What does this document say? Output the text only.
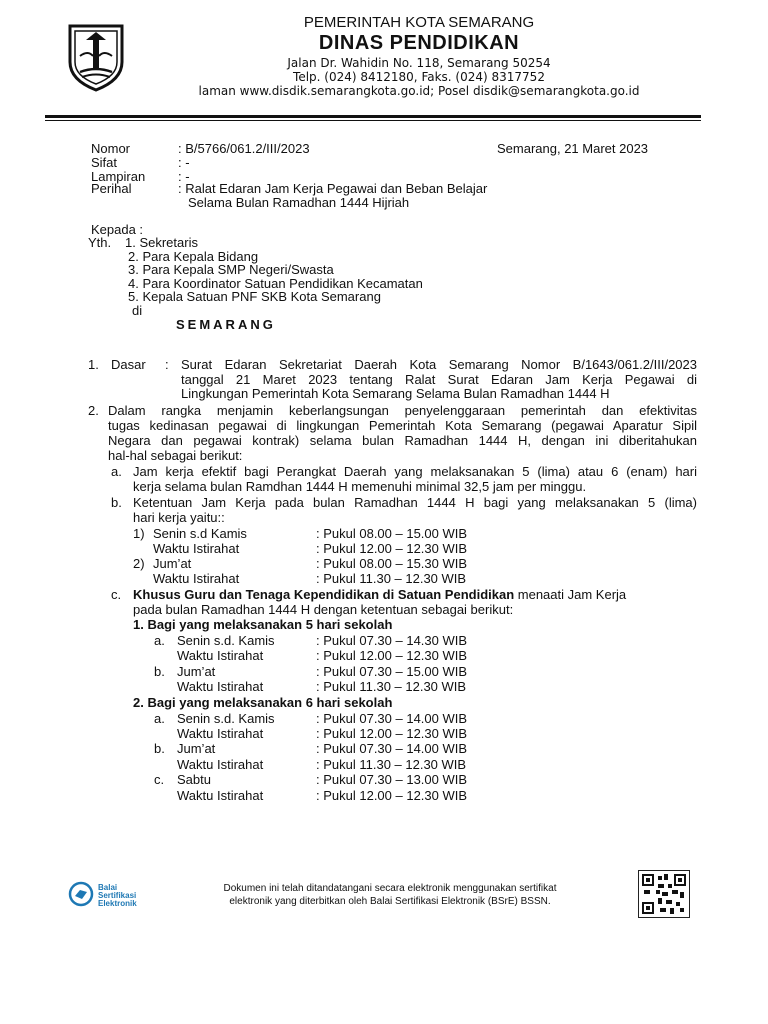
PEMERINTAH KOTA SEMARANG
DINAS PENDIDIKAN
Jalan Dr. Wahidin No. 118, Semarang 50254
Telp. (024) 8412180, Faks. (024) 8317752
laman www.disdik.semarangkota.go.id; Posel disdik@semarangkota.go.id
Nomor	: B/5766/061.2/III/2023	Semarang, 21 Maret 2023
Sifat	: -
Lampiran	: -
Perihal	: Ralat Edaran Jam Kerja Pegawai dan Beban Belajar
Selama Bulan Ramadhan 1444 Hijriah
Kepada :
Yth. 1. Sekretaris
2. Para Kepala Bidang
3. Para Kepala SMP Negeri/Swasta
4. Para Koordinator Satuan Pendidikan Kecamatan
5. Kepala Satuan PNF SKB Kota Semarang
di
SEMARANG
1. Dasar : Surat Edaran Sekretariat Daerah Kota Semarang Nomor B/1643/061.2/III/2023
tanggal 21 Maret 2023 tentang Ralat Surat Edaran Jam Kerja Pegawai di
Lingkungan Pemerintah Kota Semarang Selama Bulan Ramadhan 1444 H
2. Dalam rangka menjamin keberlangsungan penyelenggaraan pemerintah dan efektivitas
tugas kedinasan pegawai di lingkungan Pemerintah Kota Semarang (pegawai Aparatur Sipil
Negara dan pegawai kontrak) selama bulan Ramadhan 1444 H, dengan ini diberitahukan
hal-hal sebagai berikut:
a. Jam kerja efektif bagi Perangkat Daerah yang melaksanakan 5 (lima) atau 6 (enam) hari
kerja selama bulan Ramdhan 1444 H memenuhi minimal 32,5 jam per minggu.
b. Ketentuan Jam Kerja pada bulan Ramadhan 1444 H bagi yang melaksanakan 5 (lima)
hari kerja yaitu::
1) Senin s.d Kamis	: Pukul 08.00 – 15.00 WIB
Waktu Istirahat	: Pukul 12.00 – 12.30 WIB
2) Jum’at	: Pukul 08.00 – 15.30 WIB
Waktu Istirahat	: Pukul 11.30 – 12.30 WIB
c. Khusus Guru dan Tenaga Kependidikan di Satuan Pendidikan menaati Jam Kerja
pada bulan Ramadhan 1444 H dengan ketentuan sebagai berikut:
1. Bagi yang melaksanakan 5 hari sekolah
a. Senin s.d. Kamis	: Pukul 07.30 – 14.30 WIB
Waktu Istirahat	: Pukul 12.00 – 12.30 WIB
b. Jum’at	: Pukul 07.30 – 15.00 WIB
Waktu Istirahat	: Pukul 11.30 – 12.30 WIB
2. Bagi yang melaksanakan 6 hari sekolah
a. Senin s.d. Kamis	: Pukul 07.30 – 14.00 WIB
Waktu Istirahat	: Pukul 12.00 – 12.30 WIB
b. Jum’at	: Pukul 07.30 – 14.00 WIB
Waktu Istirahat	: Pukul 11.30 – 12.30 WIB
c. Sabtu	: Pukul 07.30 – 13.00 WIB
Waktu Istirahat	: Pukul 12.00 – 12.30 WIB
Balai
Sertifikasi
Elektronik
Dokumen ini telah ditandatangani secara elektronik menggunakan sertifikat
elektronik yang diterbitkan oleh Balai Sertifikasi Elektronik (BSrE) BSSN.
